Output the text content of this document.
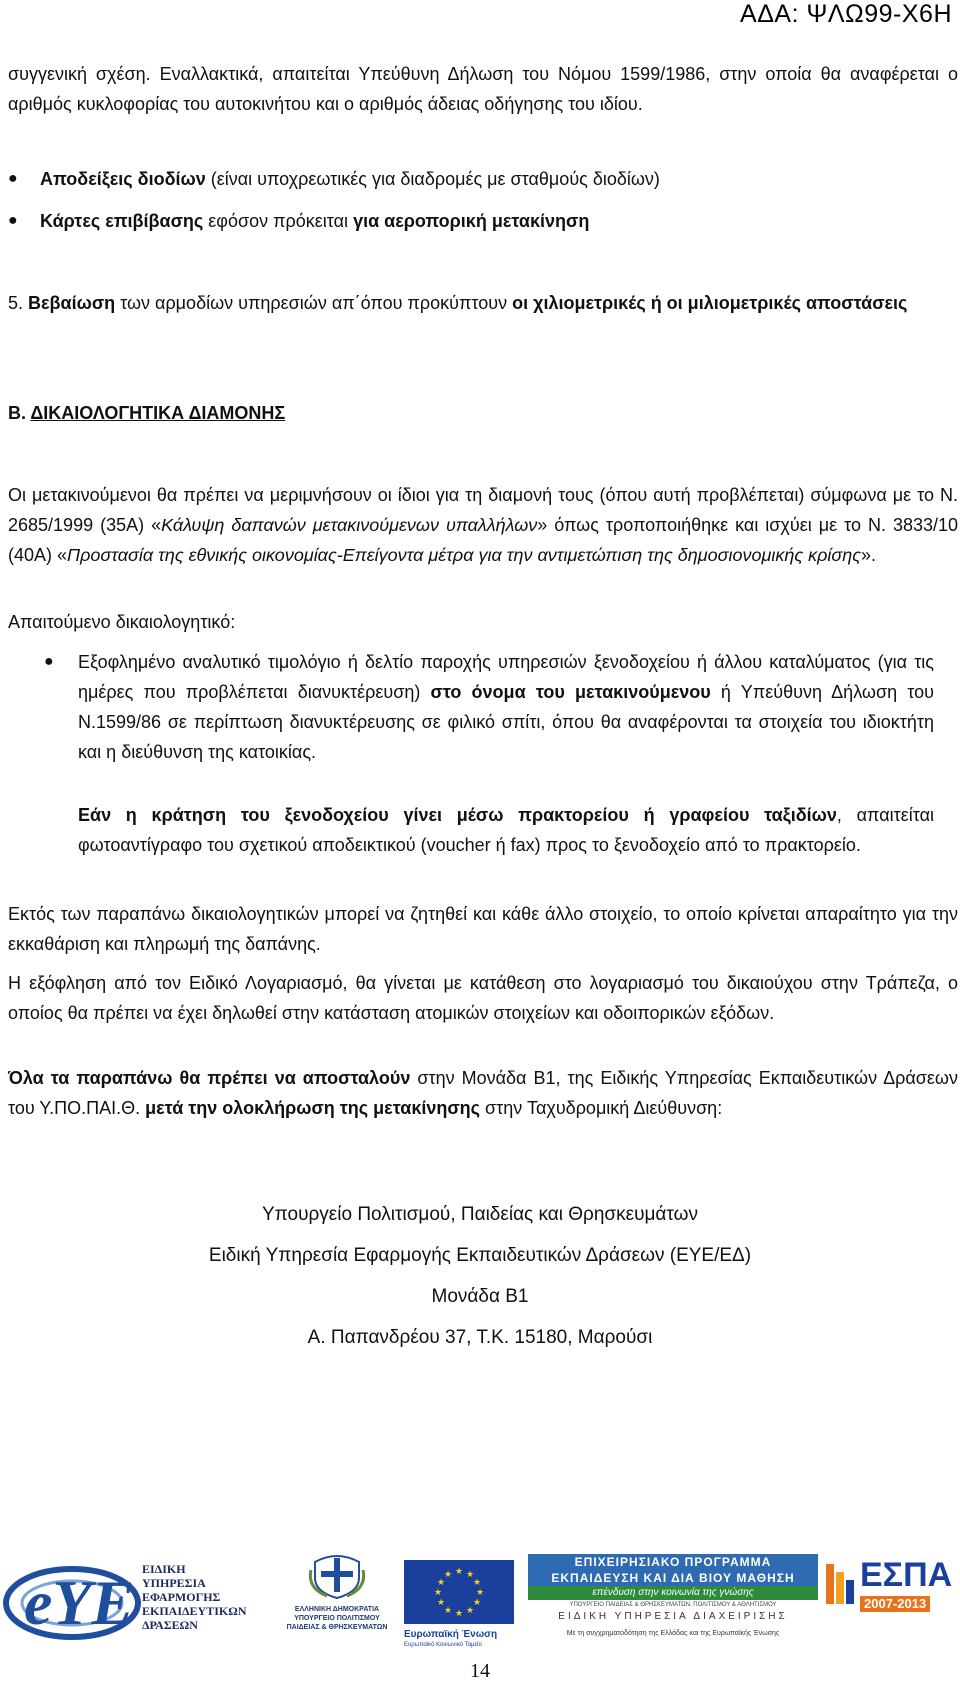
ΑΔΑ: ΨΛΩ99-Χ6Η
συγγενική σχέση. Εναλλακτικά, απαιτείται Υπεύθυνη Δήλωση του Νόμου 1599/1986, στην οποία θα αναφέρεται ο αριθμός κυκλοφορίας του αυτοκινήτου και ο αριθμός άδειας οδήγησης του ιδίου.
● Αποδείξεις διοδίων (είναι υποχρεωτικές για διαδρομές με σταθμούς διοδίων)
● Κάρτες επιβίβασης εφόσον πρόκειται για αεροπορική μετακίνηση
5. Βεβαίωση των αρμοδίων υπηρεσιών απ΄όπου προκύπτουν οι χιλιομετρικές ή οι μιλιομετρικές αποστάσεις
Β. ΔΙΚΑΙΟΛΟΓΗΤΙΚΑ ΔΙΑΜΟΝΗΣ
Οι μετακινούμενοι θα πρέπει να μεριμνήσουν οι ίδιοι για τη διαμονή τους (όπου αυτή προβλέπεται) σύμφωνα με το Ν. 2685/1999 (35Α) «Κάλυψη δαπανών μετακινούμενων υπαλλήλων» όπως τροποποιήθηκε και ισχύει με το Ν. 3833/10 (40Α) «Προστασία της εθνικής οικονομίας-Επείγοντα μέτρα για την αντιμετώπιση της δημοσιονομικής κρίσης».
Απαιτούμενο δικαιολογητικό:
● Εξοφλημένο αναλυτικό τιμολόγιο ή δελτίο παροχής υπηρεσιών ξενοδοχείου ή άλλου καταλύματος (για τις ημέρες που προβλέπεται διανυκτέρευση) στο όνομα του μετακινούμενου ή Υπεύθυνη Δήλωση του Ν.1599/86 σε περίπτωση διανυκτέρευσης σε φιλικό σπίτι, όπου θα αναφέρονται τα στοιχεία του ιδιοκτήτη και η διεύθυνση της κατοικίας.
Εάν η κράτηση του ξενοδοχείου γίνει μέσω πρακτορείου ή γραφείου ταξιδίων, απαιτείται φωτοαντίγραφο του σχετικού αποδεικτικού (voucher ή fax) προς το ξενοδοχείο από το πρακτορείο.
Εκτός των παραπάνω δικαιολογητικών μπορεί να ζητηθεί και κάθε άλλο στοιχείο, το οποίο κρίνεται απαραίτητο για την εκκαθάριση και πληρωμή της δαπάνης.
Η εξόφληση από τον Ειδικό Λογαριασμό, θα γίνεται με κατάθεση στο λογαριασμό του δικαιούχου στην Τράπεζα, ο οποίος θα πρέπει να έχει δηλωθεί στην κατάσταση ατομικών στοιχείων και οδοιπορικών εξόδων.
Όλα τα παραπάνω θα πρέπει να αποσταλούν στην Μονάδα Β1, της Ειδικής Υπηρεσίας Εκπαιδευτικών Δράσεων του Υ.ΠΟ.ΠΑΙ.Θ. μετά την ολοκλήρωση της μετακίνησης στην Ταχυδρομική Διεύθυνση:
Υπουργείο Πολιτισμού, Παιδείας και Θρησκευμάτων
Ειδική Υπηρεσία Εφαρμογής Εκπαιδευτικών Δράσεων (ΕΥΕ/ΕΔ)
Μονάδα Β1
Α. Παπανδρέου 37, Τ.Κ. 15180, Μαρούσι
eYE ΕΙΔΙΚΗ
ΥΠΗΡΕΣΙΑ
ΕΦΑΡΜΟΓΗΣ
ΕΚΠΑΙΔΕΥΤΙΚΩΝ
ΔΡΑΣΕΩΝ
ΕΛΛΗΝΙΚΗ ΔΗΜΟΚΡΑΤΙΑ
ΥΠΟΥΡΓΕΙΟ ΠΟΛΙΤΙΣΜΟΥ
ΠΑΙΔΕΙΑΣ & ΘΡΗΣΚΕΥΜΑΤΩΝ
★ ★
★
★
★
★
★
★
★
★
★
★
Ευρωπαϊκή Ένωση
Ευρωπαϊκό Κοινωνικό Ταμείο
ΕΠΙΧΕΙΡΗΣΙΑΚΟ ΠΡΟΓΡΑΜΜΑ
ΕΚΠΑΙΔΕΥΣΗ ΚΑΙ ΔΙΑ ΒΙΟΥ ΜΑΘΗΣΗ
επένδυση στην κοινωνία της γνώσης
ΥΠΟΥΡΓΕΙΟ ΠΑΙΔΕΙΑΣ & ΘΡΗΣΚΕΥΜΑΤΩΝ, ΠΟΛΙΤΙΣΜΟΥ & ΑΘΛΗΤΙΣΜΟΥ
ΕΙΔΙΚΗ ΥΠΗΡΕΣΙΑ ΔΙΑΧΕΙΡΙΣΗΣ
Με τη συγχρηματοδότηση της Ελλάδας και της Ευρωπαϊκής Ένωσης
ΕΣΠΑ
2007-2013
14
